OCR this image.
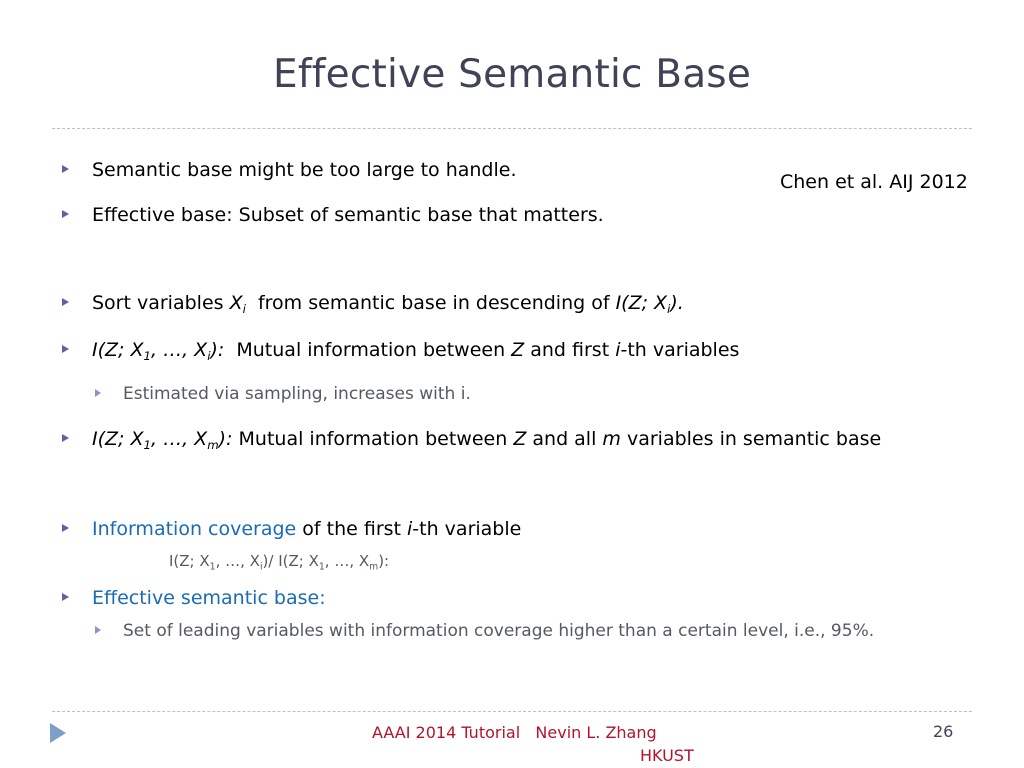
Effective Semantic Base
Chen et al. AIJ 2012
Semantic base might be too large to handle.
Effective base: Subset of semantic base that matters.
Sort variables $X_i$  from semantic base in descending of I(Z; $X_i$).
I(Z; $X_1$, …, $X_i$):  Mutual information between Z and first i-th variables
Estimated via sampling, increases with i.
I(Z; $X_1$, …, $X_m$): Mutual information between Z and all m variables in semantic base
Information coverage of the first i-th variable
I(Z; $X_1$, …, $X_i)/$ I(Z; $X_1$, …, $X_m$):
Effective semantic base:
Set of leading variables with information coverage higher than a certain level, i.e., 95%.
AAAI 2014 Tutorial   Nevin L. Zhang
HKUST
26
